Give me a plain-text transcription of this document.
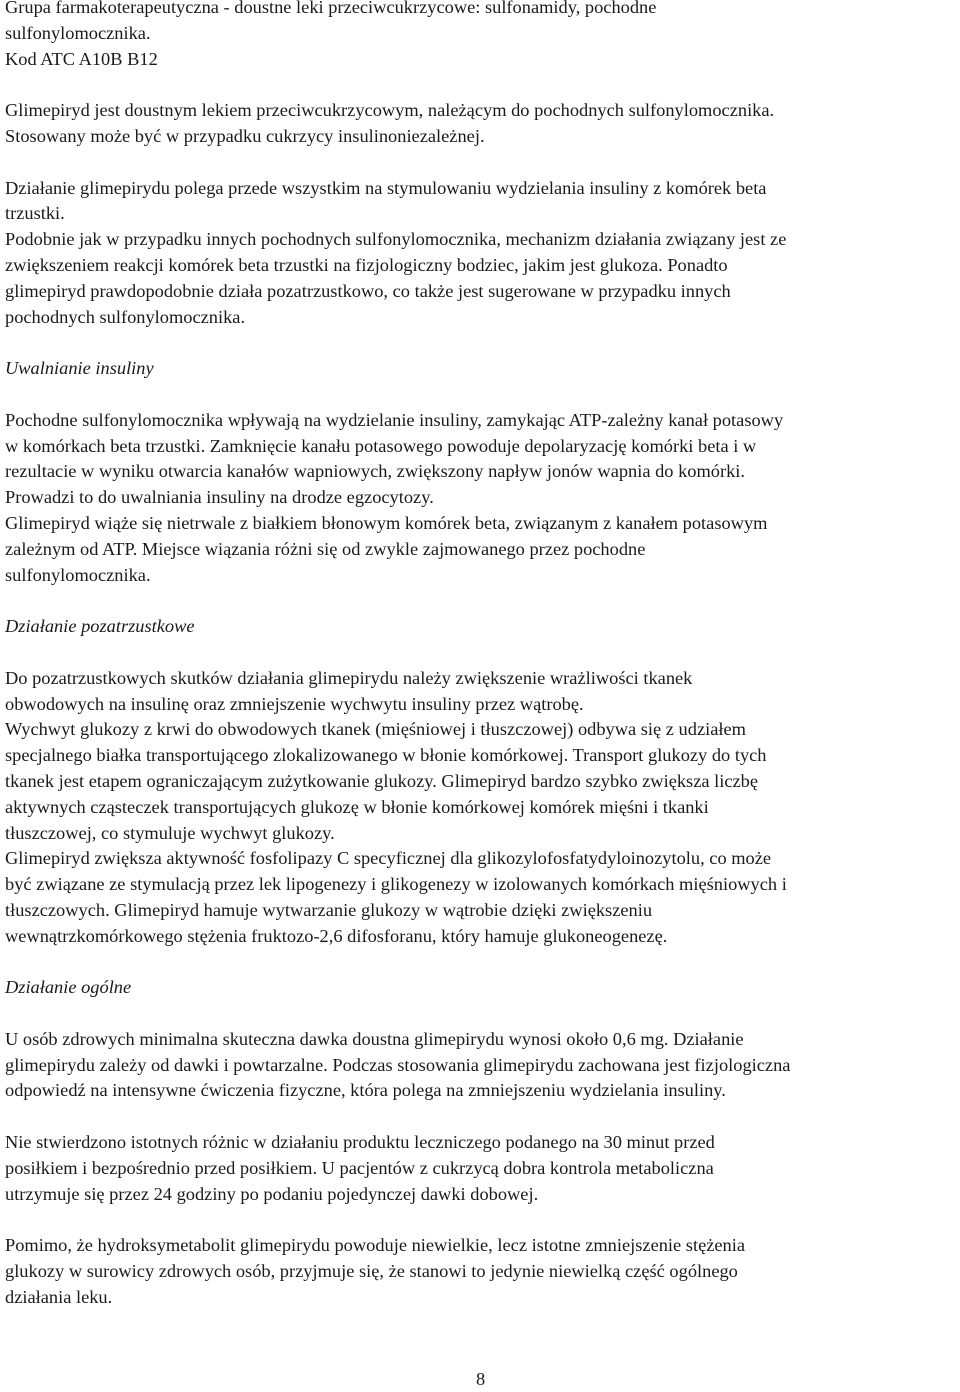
Grupa farmakoterapeutyczna - doustne leki przeciwcukrzycowe: sulfonamidy, pochodne
sulfonylomocznika.
Kod ATC A10B B12
Glimepiryd jest doustnym lekiem przeciwcukrzycowym, należącym do pochodnych sulfonylomocznika.
Stosowany może być w przypadku cukrzycy insulinoniezależnej.
Działanie glimepirydu polega przede wszystkim na stymulowaniu wydzielania insuliny z komórek beta
trzustki.
Podobnie jak w przypadku innych pochodnych sulfonylomocznika, mechanizm działania związany jest ze
zwiększeniem reakcji komórek beta trzustki na fizjologiczny bodziec, jakim jest glukoza. Ponadto
glimepiryd prawdopodobnie działa pozatrzustkowo, co także jest sugerowane w przypadku innych
pochodnych sulfonylomocznika.
Uwalnianie insuliny
Pochodne sulfonylomocznika wpływają na wydzielanie insuliny, zamykając ATP-zależny kanał potasowy
w komórkach beta trzustki. Zamknięcie kanału potasowego powoduje depolaryzację komórki beta i w
rezultacie w wyniku otwarcia kanałów wapniowych, zwiększony napływ jonów wapnia do komórki.
Prowadzi to do uwalniania insuliny na drodze egzocytozy.
Glimepiryd wiąże się nietrwale z białkiem błonowym komórek beta, związanym z kanałem potasowym
zależnym od ATP. Miejsce wiązania różni się od zwykle zajmowanego przez pochodne
sulfonylomocznika.
Działanie pozatrzustkowe
Do pozatrzustkowych skutków działania glimepirydu należy zwiększenie wrażliwości tkanek
obwodowych na insulinę oraz zmniejszenie wychwytu insuliny przez wątrobę.
Wychwyt glukozy z krwi do obwodowych tkanek (mięśniowej i tłuszczowej) odbywa się z udziałem
specjalnego białka transportującego zlokalizowanego w błonie komórkowej. Transport glukozy do tych
tkanek jest etapem ograniczającym zużytkowanie glukozy. Glimepiryd bardzo szybko zwiększa liczbę
aktywnych cząsteczek transportujących glukozę w błonie komórkowej komórek mięśni i tkanki
tłuszczowej, co stymuluje wychwyt glukozy.
Glimepiryd zwiększa aktywność fosfolipazy C specyficznej dla glikozylofosfatydyloinozytolu, co może
być związane ze stymulacją przez lek lipogenezy i glikogenezy w izolowanych komórkach mięśniowych i
tłuszczowych. Glimepiryd hamuje wytwarzanie glukozy w wątrobie dzięki zwiększeniu
wewnątrzkomórkowego stężenia fruktozo-2,6 difosforanu, który hamuje glukoneogenezę.
Działanie ogólne
U osób zdrowych minimalna skuteczna dawka doustna glimepirydu wynosi około 0,6 mg. Działanie
glimepirydu zależy od dawki i powtarzalne. Podczas stosowania glimepirydu zachowana jest fizjologiczna
odpowiedź na intensywne ćwiczenia fizyczne, która polega na zmniejszeniu wydzielania insuliny.
Nie stwierdzono istotnych różnic w działaniu produktu leczniczego podanego na 30 minut przed
posiłkiem i bezpośrednio przed posiłkiem. U pacjentów z cukrzycą dobra kontrola metaboliczna
utrzymuje się przez 24 godziny po podaniu pojedynczej dawki dobowej.
Pomimo, że hydroksymetabolit glimepirydu powoduje niewielkie, lecz istotne zmniejszenie stężenia
glukozy w surowicy zdrowych osób, przyjmuje się, że stanowi to jedynie niewielką część ogólnego
działania leku.
8
